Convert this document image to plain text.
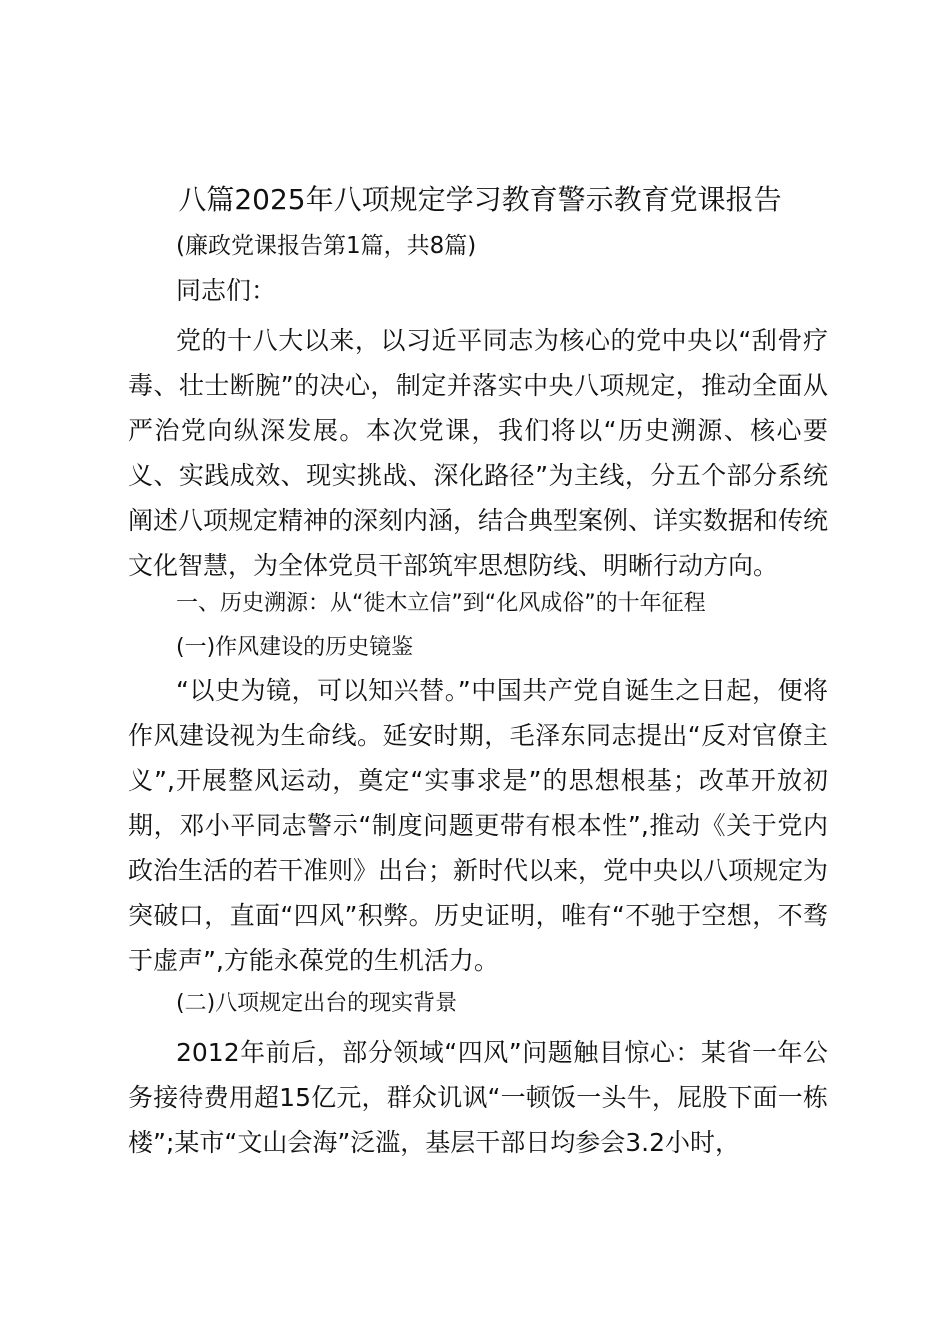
八篇2025年八项规定学习教育警示教育党课报告
(廉政党课报告第1篇，共8篇)
同志们：

党的十八大以来，以习近平同志为核心的党中央以“刮骨疗毒、壮士断腕”的决心，制定并落实中央八项规定，推动全面从严治党向纵深发展。本次党课，我们将以“历史溯源、核心要义、实践成效、现实挑战、深化路径”为主线，分五个部分系统阐述八项规定精神的深刻内涵，结合典型案例、详实数据和传统文化智慧，为全体党员干部筑牢思想防线、明晰行动方向。

一、历史溯源：从“徙木立信”到“化风成俗”的十年征程
(一)作风建设的历史镜鉴

“以史为镜，可以知兴替。”中国共产党自诞生之日起，便将作风建设视为生命线。延安时期，毛泽东同志提出“反对官僚主义”,开展整风运动，奠定“实事求是”的思想根基；改革开放初期，邓小平同志警示“制度问题更带有根本性”,推动《关于党内政治生活的若干准则》出台；新时代以来，党中央以八项规定为突破口，直面“四风”积弊。历史证明，唯有“不驰于空想，不骛于虚声”,方能永葆党的生机活力。

(二)八项规定出台的现实背景

2012年前后，部分领域“四风”问题触目惊心：某省一年公务接待费用超15亿元，群众讥讽“一顿饭一头牛，屁股下面一栋楼”;某市“文山会海”泛滥，基层干部日均参会3.2小时，
